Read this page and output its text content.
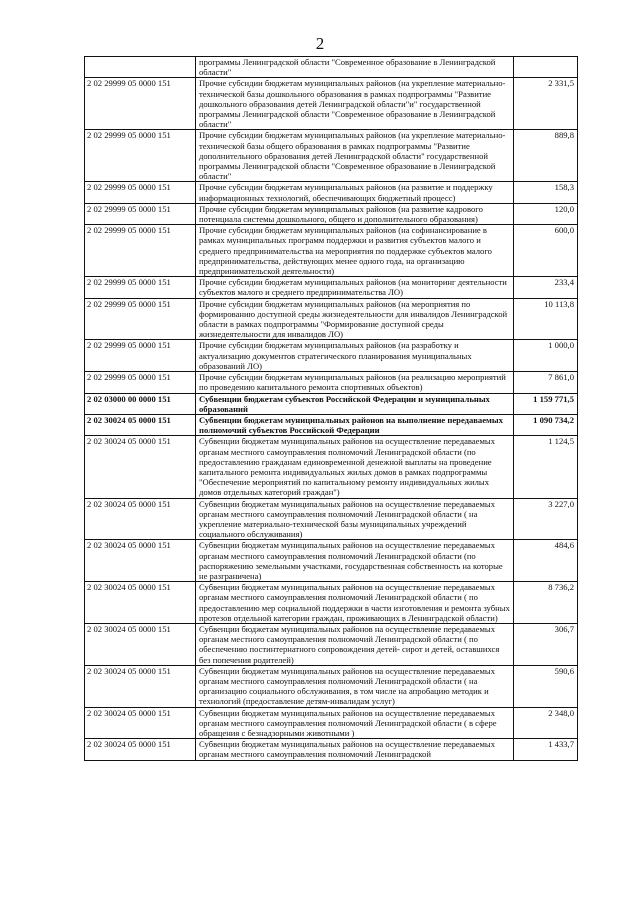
2
	программы Ленинградской области "Современное образование в Ленинградской области"	
2 02 29999 05 0000 151	Прочие субсидии бюджетам муниципальных районов (на укрепление материально-технической базы дошкольного образования в рамках подпрограммы "Развитие дошкольного образования детей Ленинградской области"и" государственной программы Ленинградской области "Современное образование в Ленинградской области"	2 331,5
2 02 29999 05 0000 151	Прочие субсидии бюджетам муниципальных районов (на укрепление материально-технической базы общего образования в рамках подпрограммы "Развитие дополнительного образования детей Ленинградской области" государственной программы Ленинградской области "Современное образование в Ленинградской области"	889,8
2 02 29999 05 0000 151	Прочие субсидии бюджетам муниципальных районов (на развитие и поддержку информационных технологий, обеспечивающих бюджетный процесс)	158,3
2 02 29999 05 0000 151	Прочие субсидии бюджетам муниципальных районов (на развитие кадрового потенциала системы дошкольного, общего и дополнительного образования)	120,0
2 02 29999 05 0000 151	Прочие субсидии бюджетам муниципальных районов (на софинансирование в рамках муниципальных программ поддержки и развития субъектов малого и среднего предпринимательства на мероприятия по поддержке субъектов малого предпринимательства, действующих менее одного года, на организацию предпринимательской деятельности)	600,0
2 02 29999 05 0000 151	Прочие субсидии бюджетам муниципальных районов (на мониторинг деятельности субъектов малого и среднего предпринимательства ЛО)	233,4
2 02 29999 05 0000 151	Прочие субсидии бюджетам муниципальных районов (на мероприятия по формированию доступной среды жизнедеятельности для инвалидов Ленинградской области в рамках подпрограммы "Формирование доступной среды жизнедеятельности для инвалидов ЛО)	10 113,8
2 02 29999 05 0000 151	Прочие субсидии бюджетам муниципальных районов (на разработку и актуализацию документов стратегического планирования муниципальных образований ЛО)	1 000,0
2 02 29999 05 0000 151	Прочие субсидии бюджетам муниципальных районов (на реализацию мероприятий по проведению капитального ремонта спортивных объектов)	7 861,0
2 02 03000 00 0000 151	Субвенции бюджетам субъектов Российской Федерации и муниципальных образований	1 159 771,5
2 02 30024 05 0000 151	Субвенции бюджетам муниципальных районов на выполнение передаваемых полномочий субъектов Российской Федерации	1 090 734,2
2 02 30024 05 0000 151	Субвенции бюджетам муниципальных районов на осуществление передаваемых органам местного самоуправления полномочий Ленинградской области (по предоставлению гражданам единовременной денежной выплаты на проведение капитального ремонта индивидуальных жилых домов в рамках подпрограммы "Обеспечение мероприятий по капитальному ремонту индивидуальных жилых домов отдельных категорий граждан")	1 124,5
2 02 30024 05 0000 151	Субвенции бюджетам муниципальных районов на осуществление передаваемых органам местного самоуправления полномочий Ленинградской области ( на укрепление материально-технической базы муниципальных учреждений социального обслуживания)	3 227,0
2 02 30024 05 0000 151	Субвенции бюджетам муниципальных районов на осуществление передаваемых органам местного самоуправления полномочий Ленинградской области (по распоряжению земельными участками, государственная собственность на которые не разграничена)	484,6
2 02 30024 05 0000 151	Субвенции бюджетам муниципальных районов на осуществление передаваемых органам местного самоуправления полномочий Ленинградской области ( по предоставлению мер социальной поддержки в части изготовления и ремонта зубных протезов отдельной категории граждан, проживающих в Ленинградской области)	8 736,2
2 02 30024 05 0000 151	Субвенции бюджетам муниципальных районов на осуществление передаваемых органам местного самоуправления полномочий Ленинградской области ( по обеспечению постинтернатного сопровождения детей- сирот и детей, оставшихся без попечения родителей)	306,7
2 02 30024 05 0000 151	Субвенции бюджетам муниципальных районов на осуществление передаваемых органам местного самоуправления полномочий Ленинградской области ( на организацию социального обслуживания, в том числе на апробацию методик и технологий (предоставление детям-инвалидам услуг)	590,6
2 02 30024 05 0000 151	Субвенции бюджетам муниципальных районов на осуществление передаваемых органам местного самоуправления полномочий Ленинградской области ( в сфере обращения с безнадзорными животными )	2 348,0
2 02 30024 05 0000 151	Субвенции бюджетам муниципальных районов на осуществление передаваемых органам местного самоуправления полномочий Ленинградской	1 433,7
